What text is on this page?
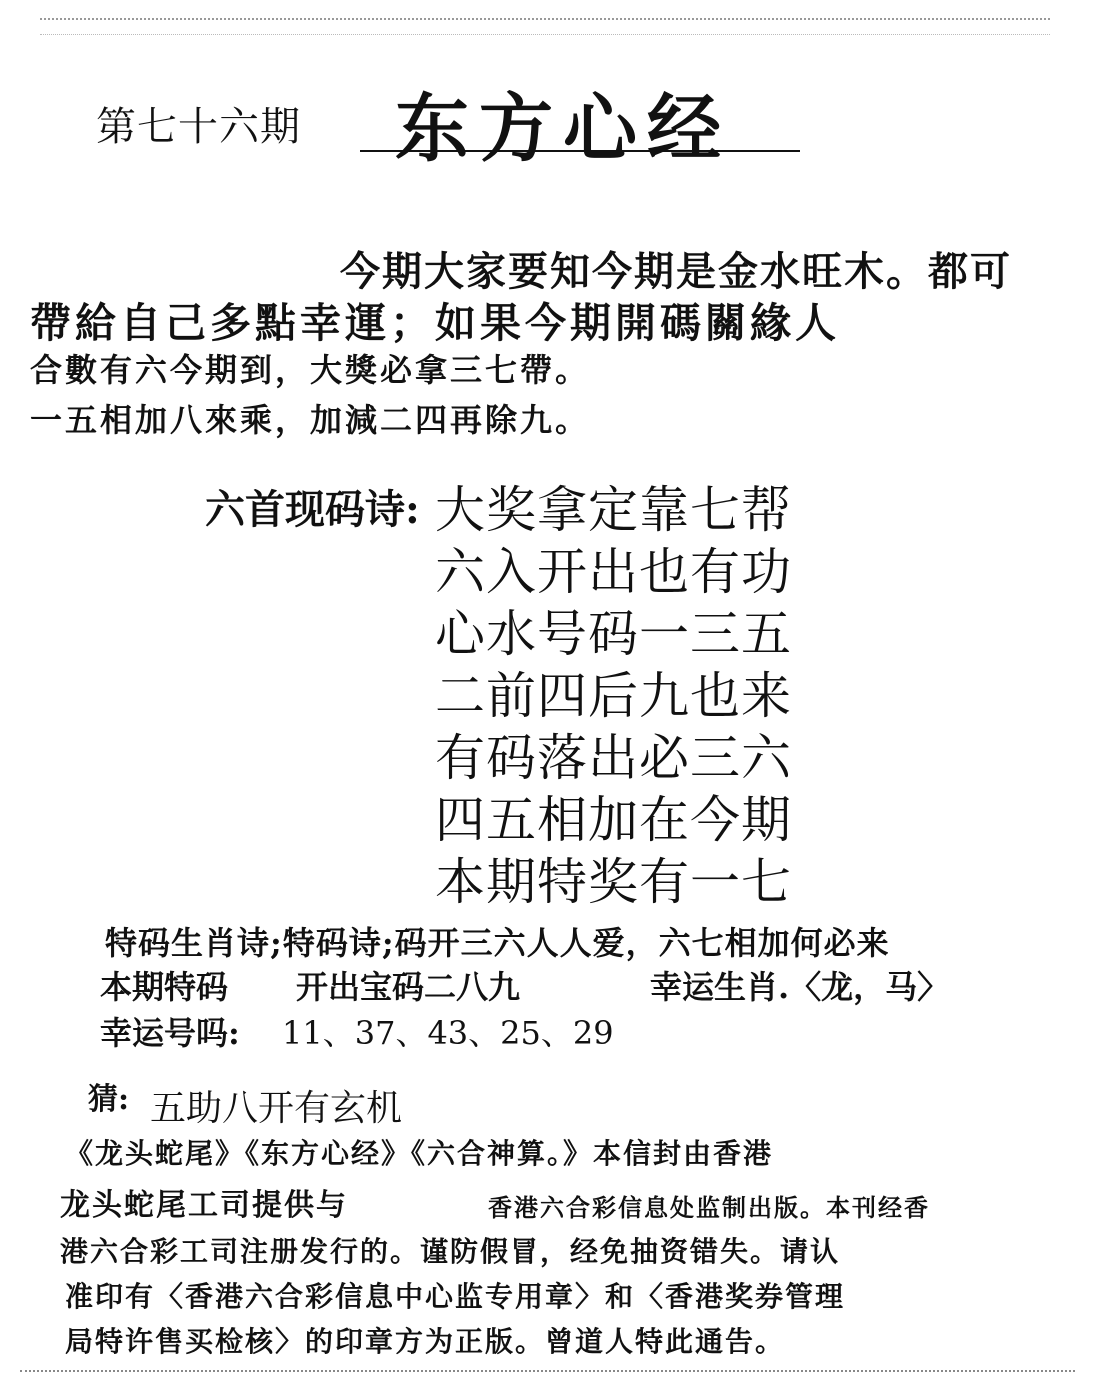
第七十六期 东方心经
今期大家要知今期是金水旺木。都可
帶給自己多點幸運；如果今期開碼關緣人
合數有六今期到，大獎必拿三七帶。
一五相加八來乘，加減二四再除九。
六首现码诗: 大奖拿定靠七帮
六入开出也有功
心水号码一三五
二前四后九也来
有码落出必三六
四五相加在今期
本期特奖有一七
特码生肖诗;特码诗;码开三六人人爱，六七相加何必来
本期特码 开出宝码二八九	幸运生肖.〈龙，马〉
幸运号吗: 11、37、43、25、29
猜: 五助八开有玄机
《龙头蛇尾》《东方心经》《六合神算。》本信封由香港
龙头蛇尾工司提供与	香港六合彩信息处监制出版。本刊经香
港六合彩工司注册发行的。谨防假冒，经免抽资错失。请认
准印有〈香港六合彩信息中心监专用章〉和〈香港奖券管理
局特许售买检核〉的印章方为正版。曾道人特此通告。
